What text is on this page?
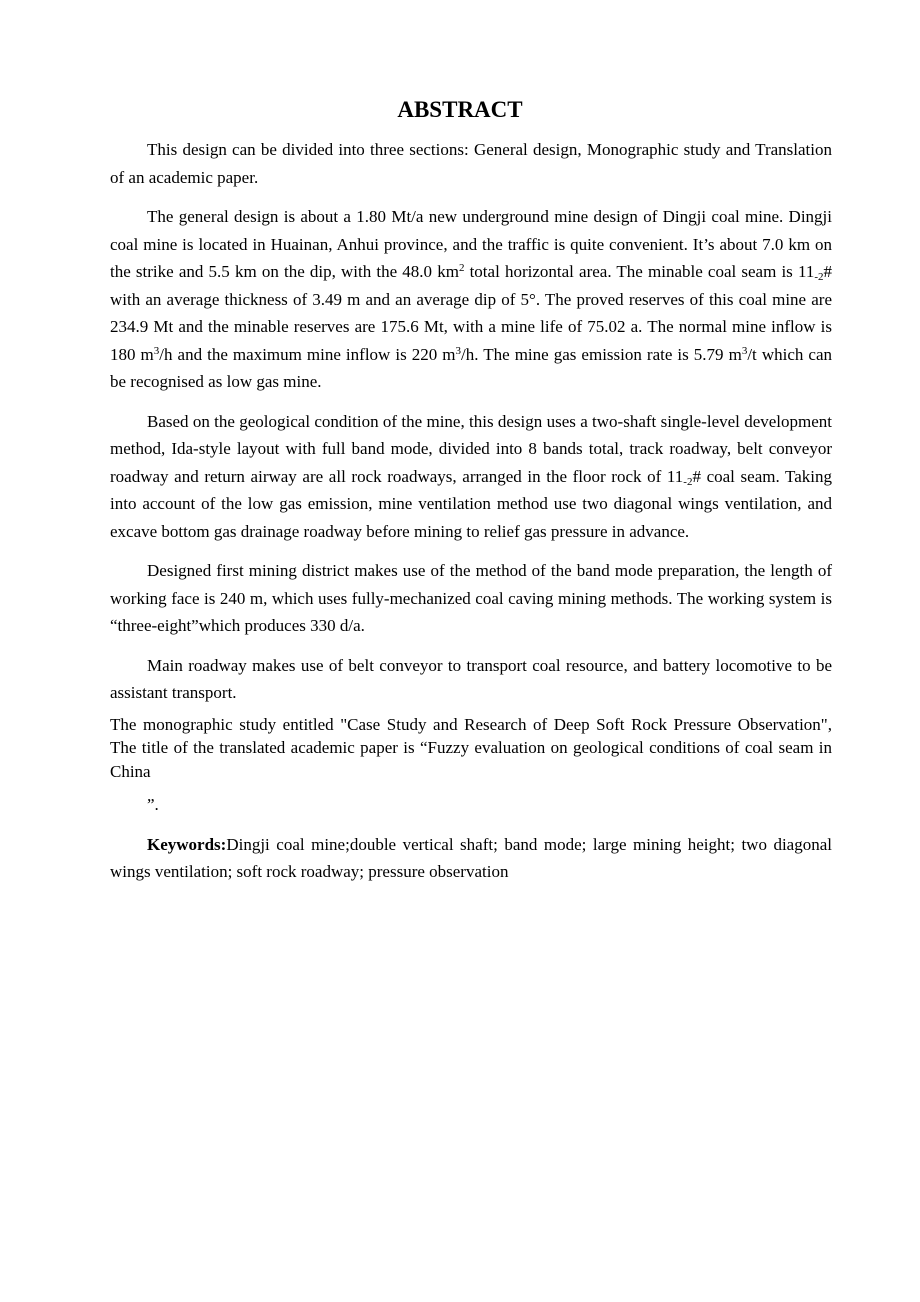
ABSTRACT

This design can be divided into three sections: General design, Monographic study and Translation of an academic paper.

The general design is about a 1.80 Mt/a new underground mine design of Dingji coal mine. Dingji coal mine is located in Huainan, Anhui province, and the traffic is quite convenient. It’s about 7.0 km on the strike and 5.5 km on the dip, with the 48.0 $km^2$ total horizontal area. The minable coal seam is $11_{-2}\#$ with an average thickness of 3.49 m and an average dip of 5°. The proved reserves of this coal mine are 234.9 Mt and the minable reserves are 175.6 Mt, with a mine life of 75.02 a. The normal mine inflow is 180 $m^3/h$ and the maximum mine inflow is 220 $m^3/h$. The mine gas emission rate is 5.79 $m^3/t$ which can be recognised as low gas mine.

Based on the geological condition of the mine, this design uses a two-shaft single-level development method, Ida-style layout with full band mode, divided into 8 bands total, track roadway, belt conveyor roadway and return airway are all rock roadways, arranged in the floor rock of $11_{-2}\#$ coal seam. Taking into account of the low gas emission, mine ventilation method use two diagonal wings ventilation, and excave bottom gas drainage roadway before mining to relief gas pressure in advance.

Designed first mining district makes use of the method of the band mode preparation, the length of working face is 240 m, which uses fully-mechanized coal caving mining methods. The working system is “three-eight”which produces 330 d/a.

Main roadway makes use of belt conveyor to transport coal resource, and battery locomotive to be assistant transport.

The monographic study entitled "Case Study and Research of Deep Soft Rock Pressure Observation", The title of the translated academic paper is “Fuzzy evaluation on geological conditions of coal seam in China

”.

Keywords:Dingji coal mine;double vertical shaft; band mode; large mining height; two diagonal wings ventilation; soft rock roadway; pressure observation
